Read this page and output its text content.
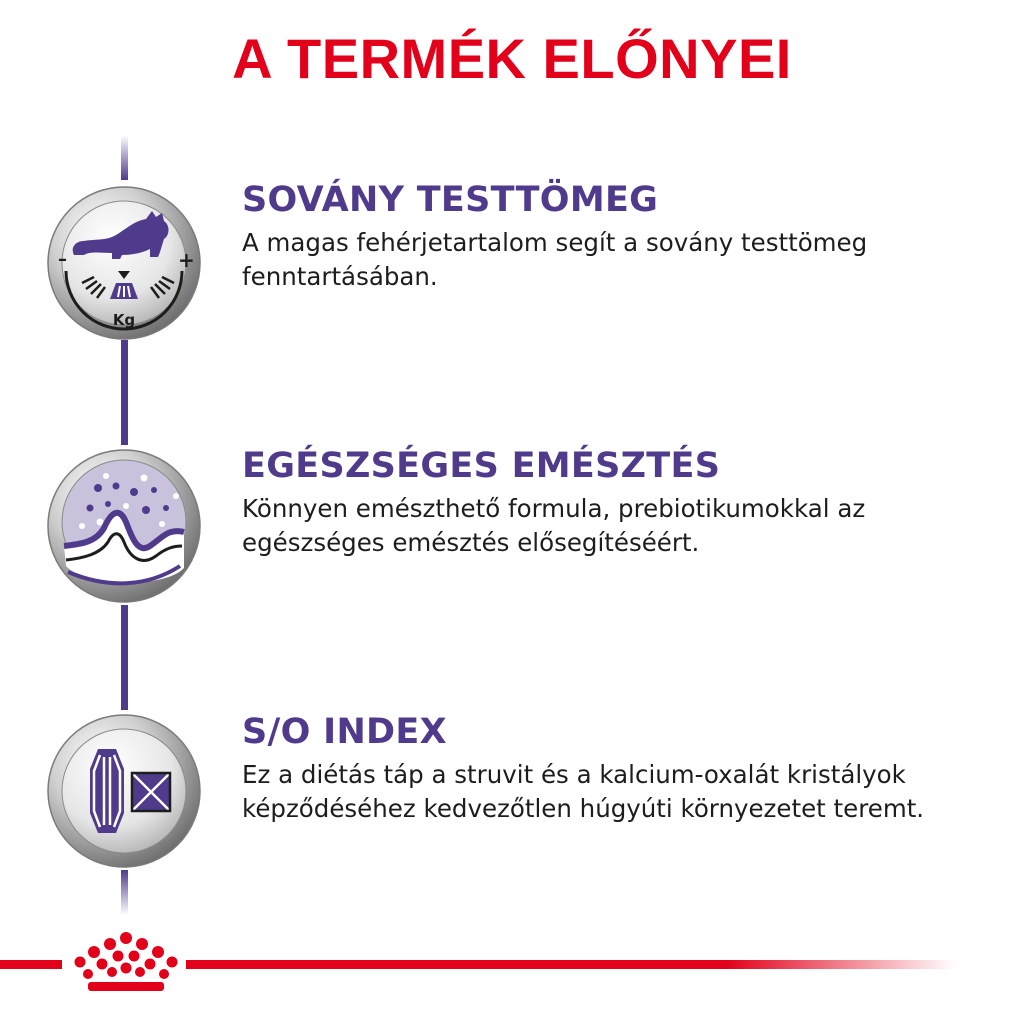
A TERMÉK ELŐNYEI
–	+
Kg
SOVÁNY TESTTÖMEG

A magas fehérjetartalom segít a sovány testtömeg
fenntartásában.

EGÉSZSÉGES EMÉSZTÉS

Könnyen emészthető formula, prebiotikumokkal az
egészséges emésztés elősegítéséért.

S/O INDEX

Ez a diétás táp a struvit és a kalcium-oxalát kristályok
képződéséhez kedvezőtlen húgyúti környezetet teremt.
